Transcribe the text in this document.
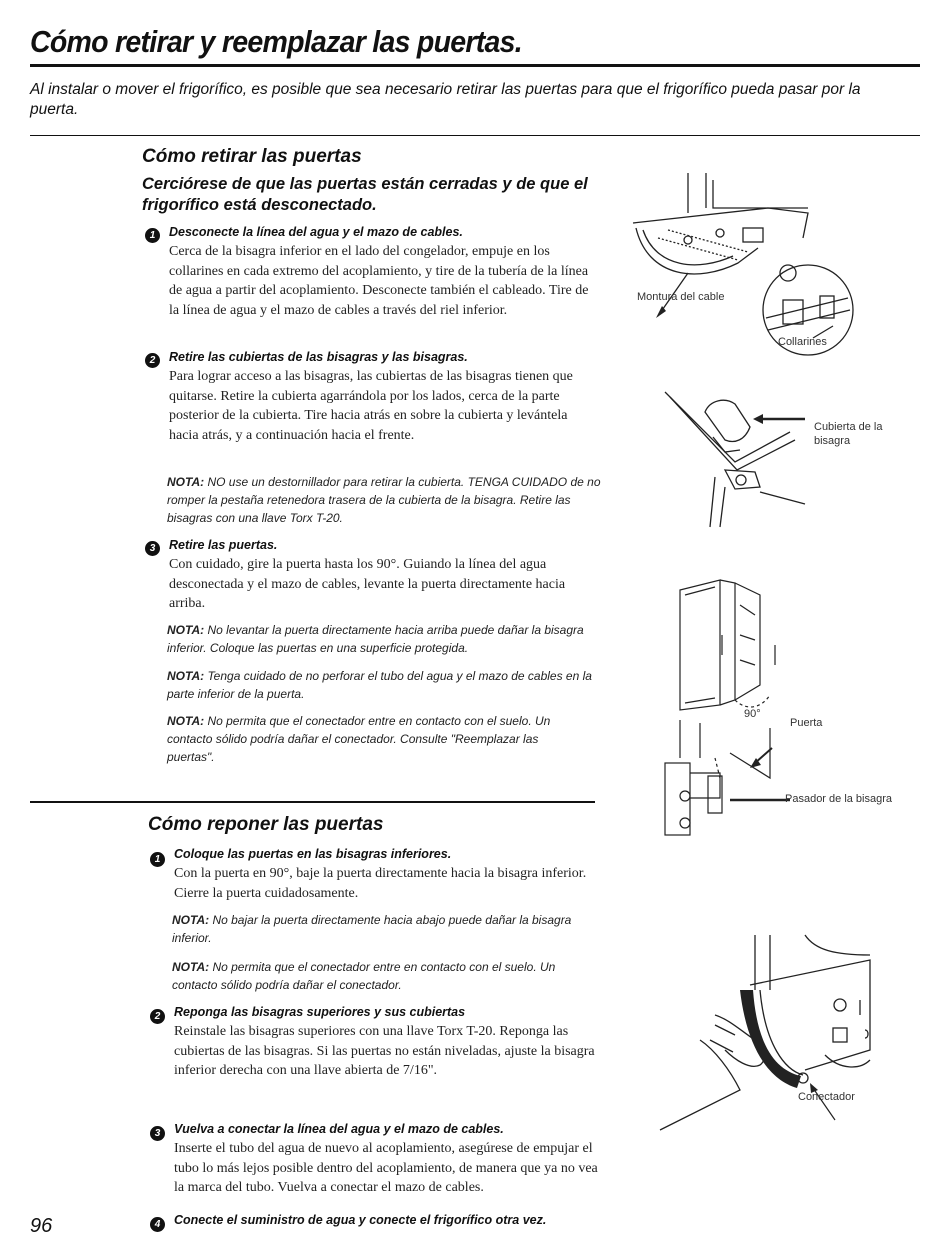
Cómo retirar y reemplazar las puertas.
Al instalar o mover el frigorífico, es posible que sea necesario retirar las puertas para que el frigorífico pueda pasar por la puerta.
Cómo retirar las puertas
Cerciórese de que las puertas están cerradas y de que el frigorífico está desconectado.
1	Desconecte la línea del agua y el mazo de cables.
Cerca de la bisagra inferior en el lado del congelador, empuje en los collarines en cada extremo del acoplamiento, y tire de la tubería de la línea de agua a partir del acoplamiento. Desconecte también el cableado. Tire de la línea de agua y el mazo de cables a través del riel inferior.
2	Retire las cubiertas de las bisagras y las bisagras.
Para lograr acceso a las bisagras, las cubiertas de las bisagras tienen que quitarse. Retire la cubierta agarrándola por los lados, cerca de la parte posterior de la cubierta. Tire hacia atrás en sobre la cubierta y levántela hacia atrás, y a continuación hacia el frente.
NOTA: NO use un destornillador para retirar la cubierta. TENGA CUIDADO de no romper la pestaña retenedora trasera de la cubierta de la bisagra. Retire las bisagras con una llave Torx T-20.
3	Retire las puertas.
Con cuidado, gire la puerta hasta los 90°. Guiando la línea del agua desconectada y el mazo de cables, levante la puerta directamente hacia arriba.
NOTA: No levantar la puerta directamente hacia arriba puede dañar la bisagra inferior. Coloque las puertas en una superficie protegida.
NOTA: Tenga cuidado de no perforar el tubo del agua y el mazo de cables en la parte inferior de la puerta.
NOTA: No permita que el conectador entre en contacto con el suelo. Un contacto sólido podría dañar el conectador. Consulte "Reemplazar las puertas".
Cómo reponer las puertas
1	Coloque las puertas en las bisagras inferiores.
Con la puerta en 90°, baje la puerta directamente hacia la bisagra inferior. Cierre la puerta cuidadosamente.
NOTA: No bajar la puerta directamente hacia abajo puede dañar la bisagra inferior.
NOTA: No permita que el conectador entre en contacto con el suelo. Un contacto sólido podría dañar el conectador.
2	Reponga las bisagras superiores y sus cubiertas
Reinstale las bisagras superiores con una llave Torx T-20. Reponga las cubiertas de las bisagras. Si las puertas no están niveladas, ajuste la bisagra inferior derecha con una llave abierta de 7/16".
3	Vuelva a conectar la línea del agua y el mazo de cables.
Inserte el tubo del agua de nuevo al acoplamiento, asegúrese de empujar el tubo lo más lejos posible dentro del acoplamiento, de manera que ya no vea la marca del tubo. Vuelva a conectar el mazo de cables.
4	Conecte el suministro de agua y conecte el frigorífico otra vez.
96
Montura del cable
Collarines
Cubierta de la bisagra
90°
Puerta
Pasador de la bisagra
Conectador
